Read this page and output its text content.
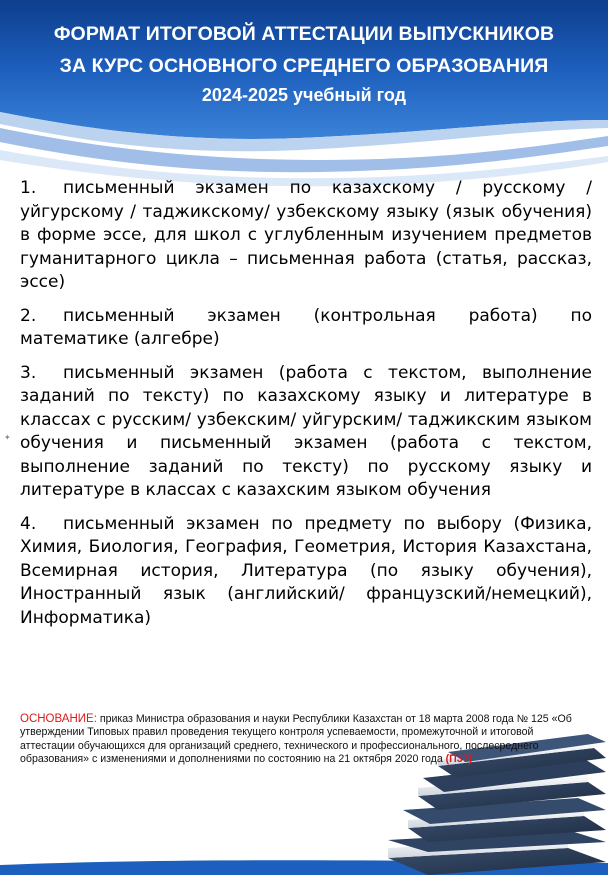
ФОРМАТ ИТОГОВОЙ АТТЕСТАЦИИ ВЫПУСКНИКОВ
ЗА КУРС ОСНОВНОГО СРЕДНЕГО ОБРАЗОВАНИЯ
2024-2025 учебный год
✦

1. письменный экзамен по казахскому / русскому / уйгурскому / таджикскому/ узбекскому языку (язык обучения) в форме эссе, для школ с углубленным изучением предметов гуманитарного цикла – письменная работа (статья, рассказ, эссе)

2. письменный экзамен (контрольная работа) по математике (алгебре)

3. письменный экзамен (работа с текстом, выполнение заданий по тексту) по казахскому языку и литературе в классах с русским/ узбекским/ уйгурским/ таджикским языком обучения и письменный экзамен (работа с текстом, выполнение заданий по тексту) по русскому языку и литературе в классах с казахским языком обучения

4. письменный экзамен по предмету по выбору (Физика, Химия, Биология, География, Геометрия, История Казахстана, Всемирная история, Литература (по языку обучения), Иностранный язык (английский/ французский/немецкий), Информатика)

ОСНОВАНИЕ: приказ Министра образования и науки Республики Казахстан от 18 марта 2008 года № 125 «Об утверждении Типовых правил проведения текущего контроля успеваемости, промежуточной и итоговой аттестации обучающихся для организаций среднего, технического и профессионального, послесреднего образования» с изменениями и дополнениями по состоянию на 21 октября 2020 года (П37)
